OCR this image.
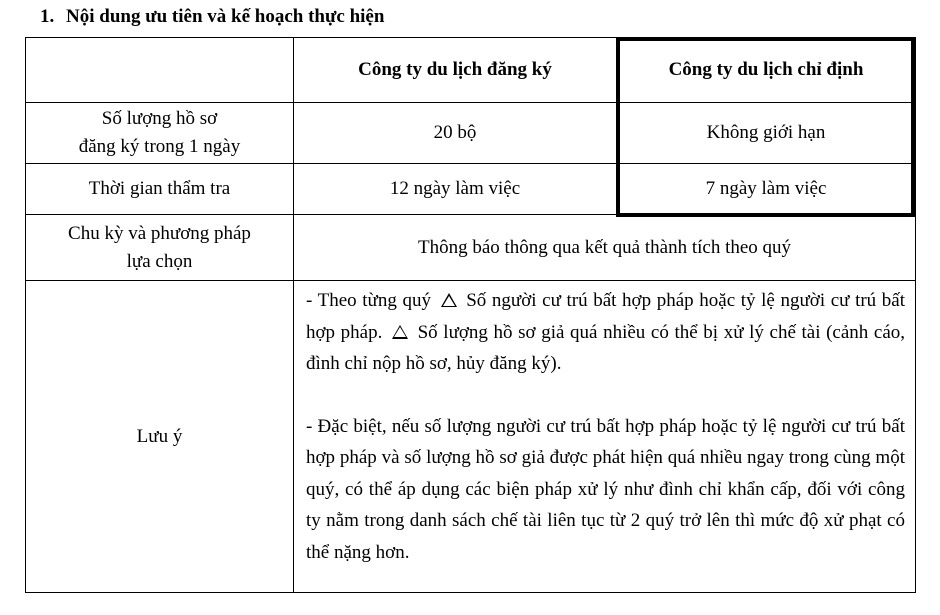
1. Nội dung ưu tiên và kế hoạch thực hiện
	Công ty du lịch đăng ký	Công ty du lịch chỉ định
Số lượng hồ sơ
đăng ký trong 1 ngày	20 bộ	Không giới hạn
Thời gian thẩm tra	12 ngày làm việc	7 ngày làm việc
Chu kỳ và phương pháp
lựa chọn	Thông báo thông qua kết quả thành tích theo quý	
Lưu ý	- Theo từng quý Số người cư trú bất hợp pháp hoặc tỷ lệ người cư trú bất hợp pháp. Số lượng hồ sơ giả quá nhiều có thể bị xử lý chế tài (cảnh cáo, đình chỉ nộp hồ sơ, hủy đăng ký).

- Đặc biệt, nếu số lượng người cư trú bất hợp pháp hoặc tỷ lệ người cư trú bất hợp pháp và số lượng hồ sơ giả được phát hiện quá nhiều ngay trong cùng một quý, có thể áp dụng các biện pháp xử lý như đình chỉ khẩn cấp, đối với công ty nằm trong danh sách chế tài liên tục từ 2 quý trở lên thì mức độ xử phạt có thể nặng hơn.	
